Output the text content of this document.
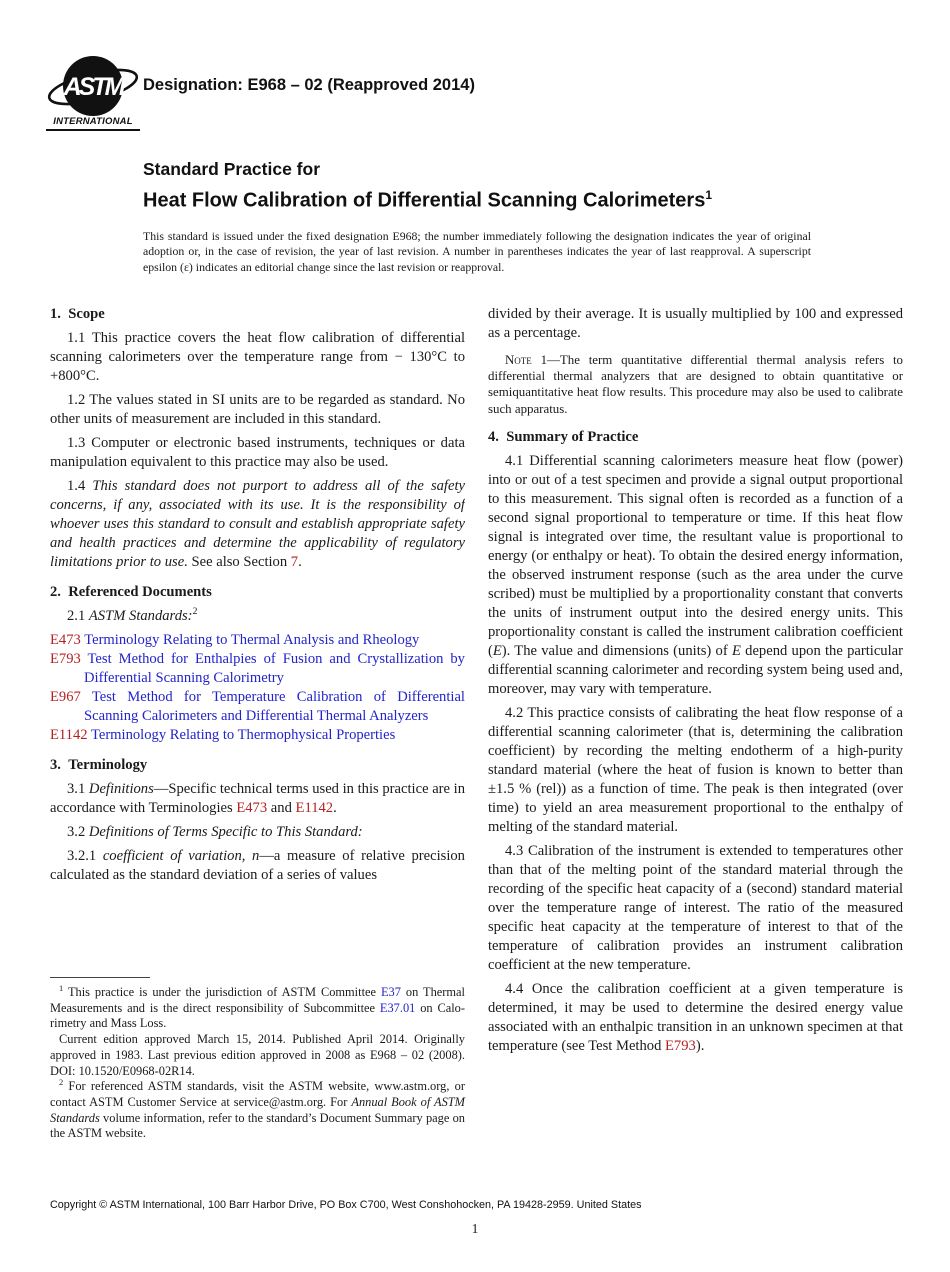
ASTM
INTERNATIONAL
Designation: E968 – 02 (Reapproved 2014)
Standard Practice for
Heat Flow Calibration of Differential Scanning Calorimeters$^1$

This standard is issued under the fixed designation E968; the number immediately following the designation indicates the year of original adoption or, in the case of revision, the year of last revision. A number in parentheses indicates the year of last reapproval. A superscript epsilon (ε) indicates an editorial change since the last revision or reapproval.

1. Scope
1.1 This practice covers the heat flow calibration of differential scanning calorimeters over the temperature range from − 130°C to +800°C.
1.2 The values stated in SI units are to be regarded as standard. No other units of measurement are included in this standard.
1.3 Computer or electronic based instruments, techniques or data manipulation equivalent to this practice may also be used.
1.4 This standard does not purport to address all of the safety concerns, if any, associated with its use. It is the responsibility of whoever uses this standard to consult and establish appropriate safety and health practices and determine the applicability of regulatory limitations prior to use. See also Section 7.
2. Referenced Documents
2.1 ASTM Standards:$^2$
E473 Terminology Relating to Thermal Analysis and Rheology
E793 Test Method for Enthalpies of Fusion and Crystallization by Differential Scanning Calorimetry
E967 Test Method for Temperature Calibration of Differential Scanning Calorimeters and Differential Thermal Analyzers
E1142 Terminology Relating to Thermophysical Properties
3. Terminology
3.1 Definitions—Specific technical terms used in this practice are in accordance with Terminologies E473 and E1142.
3.2 Definitions of Terms Specific to This Standard:
3.2.1 coefficient of variation, n—a measure of relative precision calculated as the standard deviation of a series of values
divided by their average. It is usually multiplied by 100 and expressed as a percentage.
Note 1—The term quantitative differential thermal analysis refers to differential thermal analyzers that are designed to obtain quantitative or semiquantitative heat flow results. This procedure may also be used to calibrate such apparatus.
4. Summary of Practice
4.1 Differential scanning calorimeters measure heat flow (power) into or out of a test specimen and provide a signal output proportional to this measurement. This signal often is recorded as a function of a second signal proportional to temperature or time. If this heat flow signal is integrated over time, the resultant value is proportional to energy (or enthalpy or heat). To obtain the desired energy information, the observed instrument response (such as the area under the curve scribed) must be multiplied by a proportionality constant that converts the units of instrument output into the desired energy units. This proportionality constant is called the instrument calibration coefficient (E). The value and dimensions (units) of E depend upon the particular differential scanning calorimeter and recording system being used and, moreover, may vary with temperature.
4.2 This practice consists of calibrating the heat flow response of a differential scanning calorimeter (that is, determining the calibration coefficient) by recording the melting endotherm of a high-purity standard material (where the heat of fusion is known to better than ±1.5 % (rel)) as a function of time. The peak is then integrated (over time) to yield an area measurement proportional to the enthalpy of melting of the standard material.
4.3 Calibration of the instrument is extended to temperatures other than that of the melting point of the standard material through the recording of the specific heat capacity of a (second) standard material over the temperature range of interest. The ratio of the measured specific heat capacity at the temperature of interest to that of the temperature of calibration provides an instrument calibration coefficient at the new temperature.
4.4 Once the calibration coefficient at a given temperature is determined, it may be used to determine the desired energy value associated with an enthalpic transition in an unknown specimen at that temperature (see Test Method E793).
$^1$ This practice is under the jurisdiction of ASTM Committee E37 on Thermal Measurements and is the direct responsibility of Subcommittee E37.01 on Calorimetry and Mass Loss.
Current edition approved March 15, 2014. Published April 2014. Originally approved in 1983. Last previous edition approved in 2008 as E968 – 02 (2008). DOI: 10.1520/E0968-02R14.
$^2$ For referenced ASTM standards, visit the ASTM website, www.astm.org, or contact ASTM Customer Service at service@astm.org. For Annual Book of ASTM Standards volume information, refer to the standard’s Document Summary page on the ASTM website.
Copyright © ASTM International, 100 Barr Harbor Drive, PO Box C700, West Conshohocken, PA 19428-2959. United States
1
